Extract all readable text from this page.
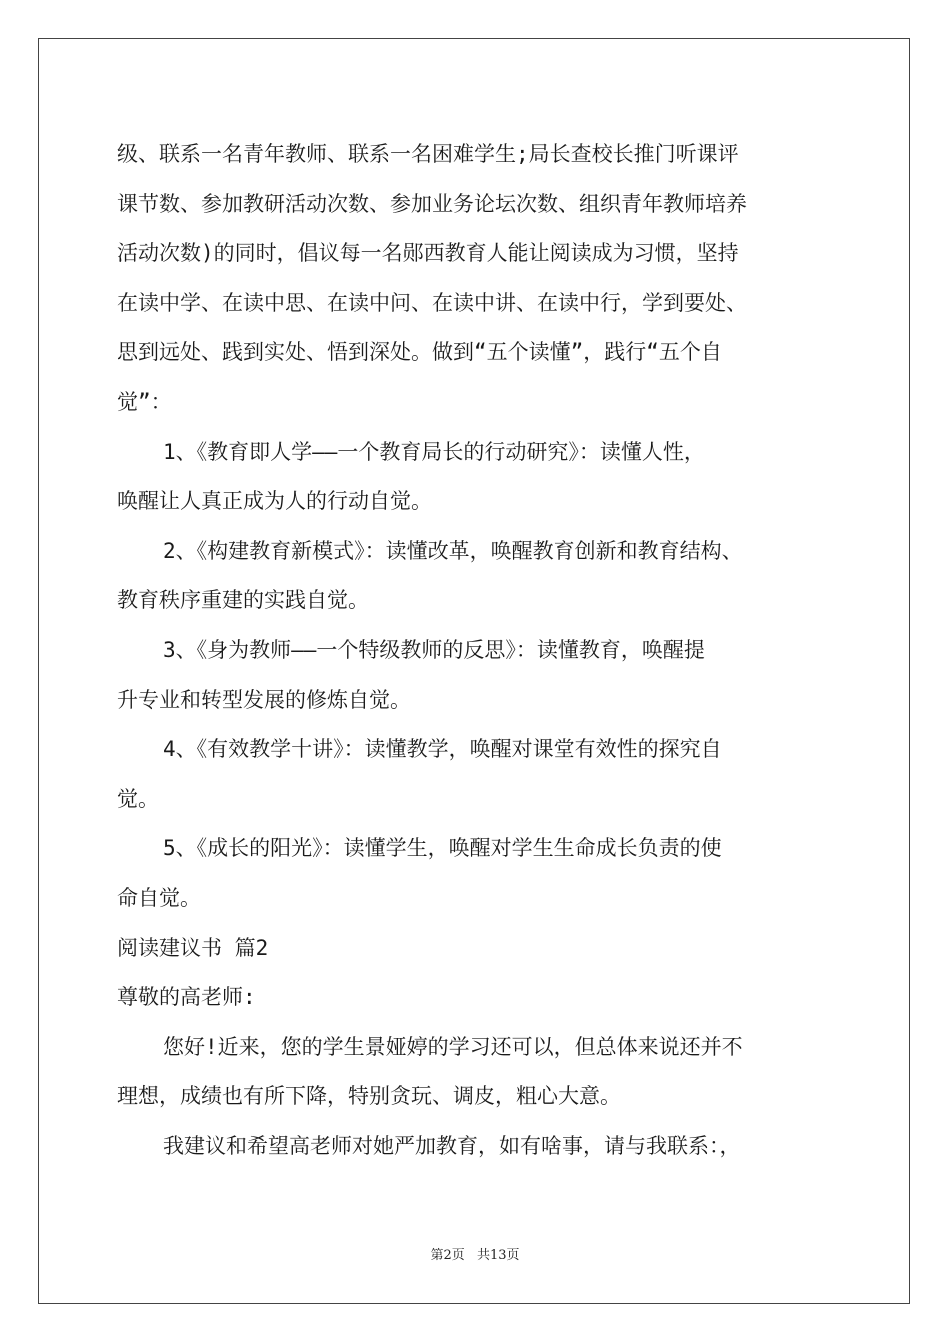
级、联系一名青年教师、联系一名困难学生;局长查校长推门听课评
课节数、参加教研活动次数、参加业务论坛次数、组织青年教师培养
活动次数)的同时，倡议每一名郧西教育人能让阅读成为习惯，坚持
在读中学、在读中思、在读中问、在读中讲、在读中行，学到要处、
思到远处、践到实处、悟到深处。做到“五个读懂”，践行“五个自
觉”：
1、《教育即人学——一个教育局长的行动研究》：读懂人性，
唤醒让人真正成为人的行动自觉。
2、《构建教育新模式》：读懂改革，唤醒教育创新和教育结构、
教育秩序重建的实践自觉。
3、《身为教师——一个特级教师的反思》：读懂教育，唤醒提
升专业和转型发展的修炼自觉。
4、《有效教学十讲》：读懂教学，唤醒对课堂有效性的探究自
觉。
5、《成长的阳光》：读懂学生，唤醒对学生生命成长负责的使
命自觉。
阅读建议书 篇2
尊敬的高老师:
您好!近来，您的学生景娅婷的学习还可以，但总体来说还并不
理想，成绩也有所下降，特别贪玩、调皮，粗心大意。
我建议和希望高老师对她严加教育，如有啥事，请与我联系：，
第2页 共13页
